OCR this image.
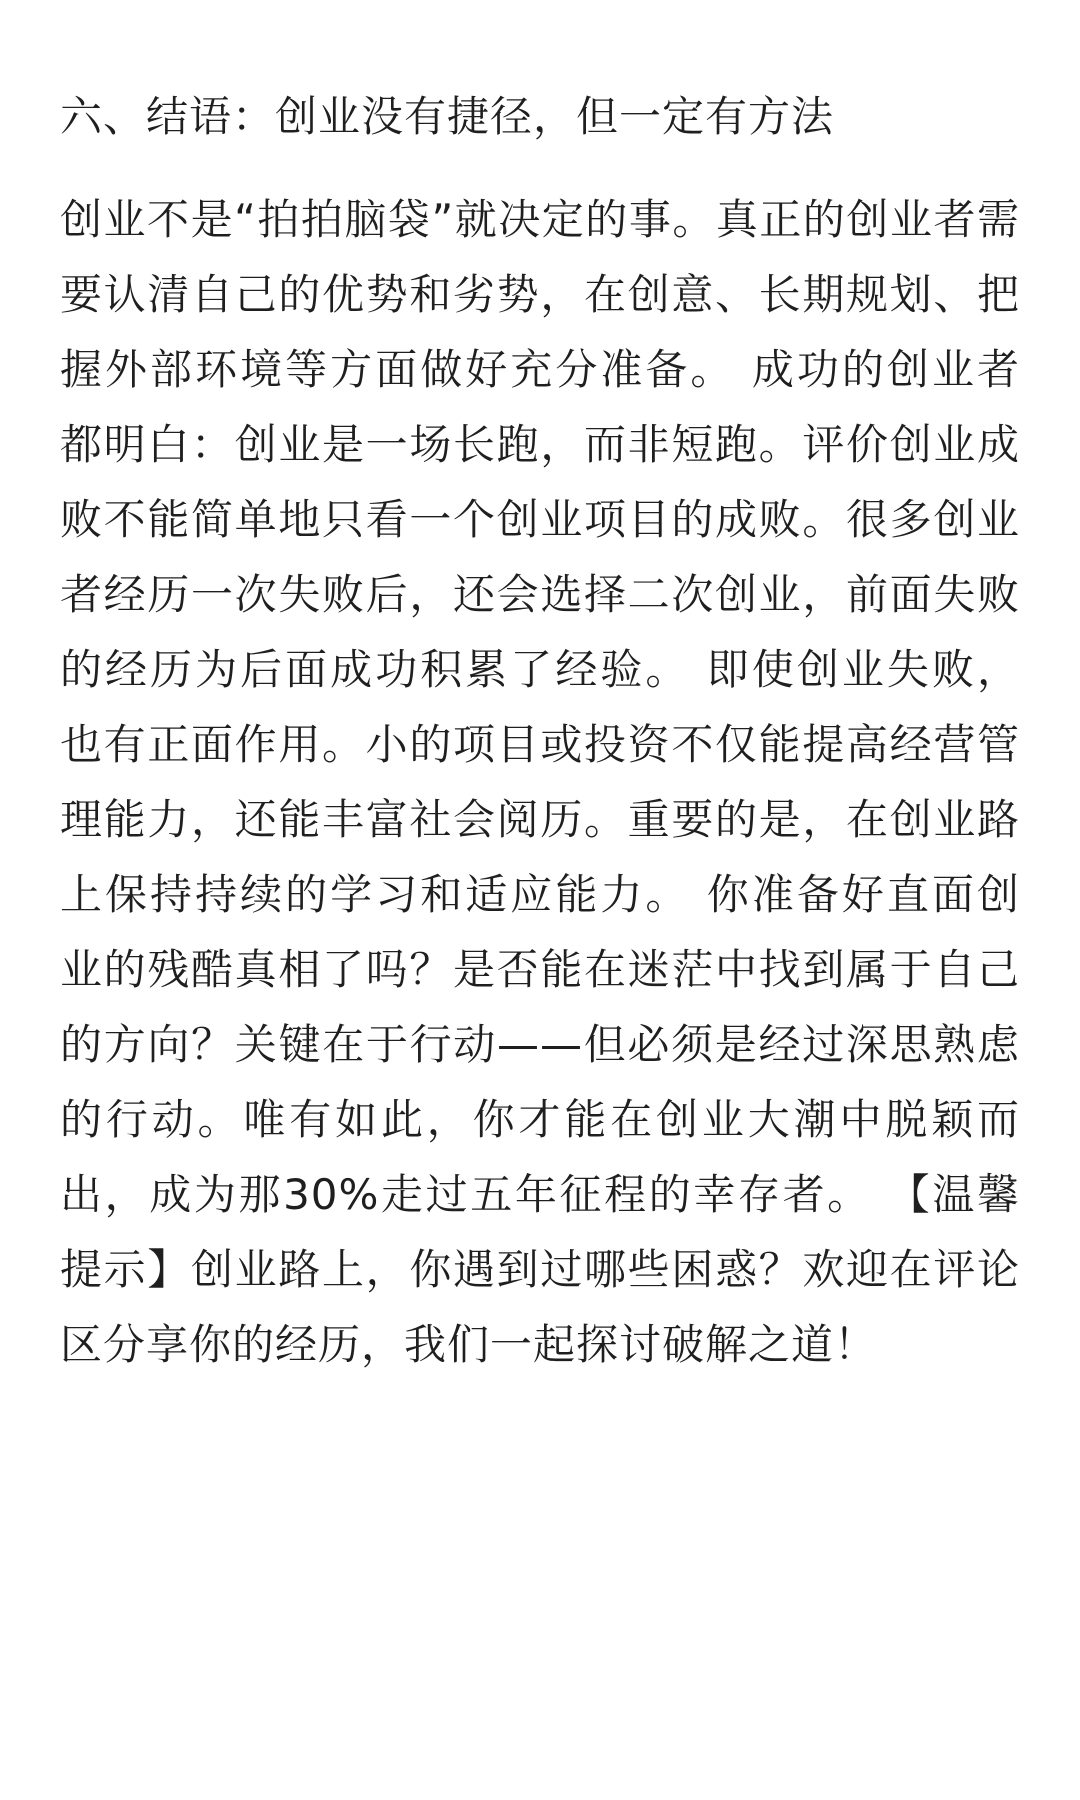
六、结语：创业没有捷径，但一定有方法

创业不是“拍拍脑袋”就决定的事。真正的创业者需要认清自己的优势和劣势，在创意、长期规划、把握外部环境等方面做好充分准备。 成功的创业者都明白：创业是一场长跑，而非短跑。评价创业成败不能简单地只看一个创业项目的成败。很多创业者经历一次失败后，还会选择二次创业，前面失败的经历为后面成功积累了经验。 即使创业失败，也有正面作用。小的项目或投资不仅能提高经营管理能力，还能丰富社会阅历。重要的是，在创业路上保持持续的学习和适应能力。 你准备好直面创业的残酷真相了吗？是否能在迷茫中找到属于自己的方向？关键在于行动——但必须是经过深思熟虑的行动。唯有如此，你才能在创业大潮中脱颖而出，成为那30%走过五年征程的幸存者。 【温馨提示】创业路上，你遇到过哪些困惑？欢迎在评论区分享你的经历，我们一起探讨破解之道！
